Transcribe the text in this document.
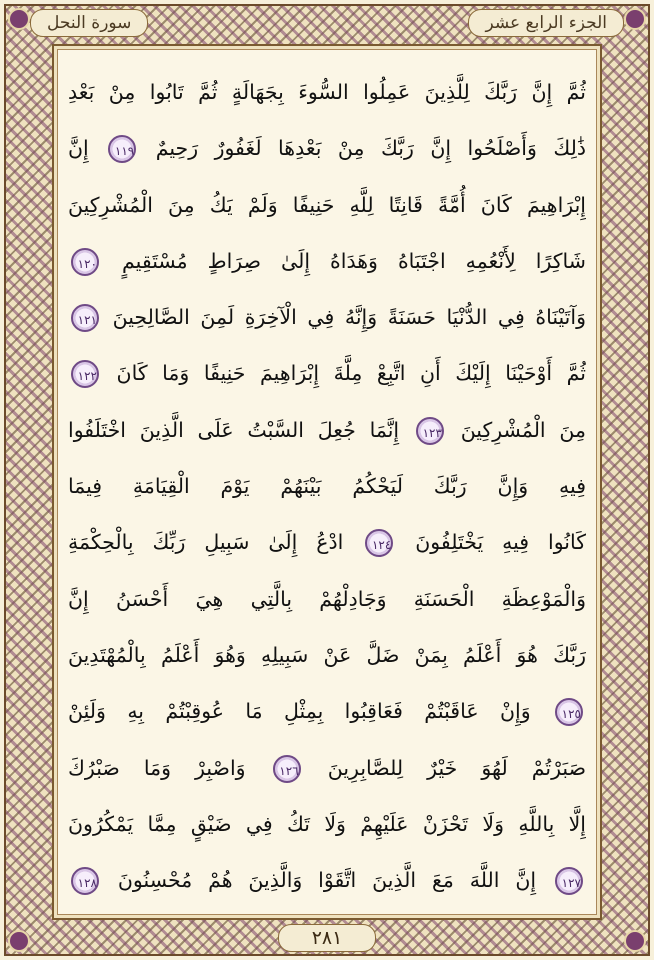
سورة النحل	الجزء الرابع عشر
ثُمَّ إِنَّ رَبَّكَ لِلَّذِينَ عَمِلُوا السُّوءَ بِجَهَالَةٍ ثُمَّ تَابُوا مِنْ بَعْدِ
ذَٰلِكَ وَأَصْلَحُوا إِنَّ رَبَّكَ مِنْ بَعْدِهَا لَغَفُورٌ رَحِيمٌ ١١٩ إِنَّ
إِبْرَاهِيمَ كَانَ أُمَّةً قَانِتًا لِلَّهِ حَنِيفًا وَلَمْ يَكُ مِنَ الْمُشْرِكِينَ
شَاكِرًا لِأَنْعُمِهِ اجْتَبَاهُ وَهَدَاهُ إِلَىٰ صِرَاطٍ مُسْتَقِيمٍ ١٢٠
وَآتَيْنَاهُ فِي الدُّنْيَا حَسَنَةً وَإِنَّهُ فِي الْآخِرَةِ لَمِنَ الصَّالِحِينَ ١٢١
ثُمَّ أَوْحَيْنَا إِلَيْكَ أَنِ اتَّبِعْ مِلَّةَ إِبْرَاهِيمَ حَنِيفًا وَمَا كَانَ ١٢٢
مِنَ الْمُشْرِكِينَ ١٢٣ إِنَّمَا جُعِلَ السَّبْتُ عَلَى الَّذِينَ اخْتَلَفُوا
فِيهِ وَإِنَّ رَبَّكَ لَيَحْكُمُ بَيْنَهُمْ يَوْمَ الْقِيَامَةِ فِيمَا
كَانُوا فِيهِ يَخْتَلِفُونَ ١٢٤ ادْعُ إِلَىٰ سَبِيلِ رَبِّكَ بِالْحِكْمَةِ
وَالْمَوْعِظَةِ الْحَسَنَةِ وَجَادِلْهُمْ بِالَّتِي هِيَ أَحْسَنُ إِنَّ
رَبَّكَ هُوَ أَعْلَمُ بِمَنْ ضَلَّ عَنْ سَبِيلِهِ وَهُوَ أَعْلَمُ بِالْمُهْتَدِينَ
١٢٥ وَإِنْ عَاقَبْتُمْ فَعَاقِبُوا بِمِثْلِ مَا عُوقِبْتُمْ بِهِ وَلَئِنْ
صَبَرْتُمْ لَهُوَ خَيْرٌ لِلصَّابِرِينَ ١٢٦ وَاصْبِرْ وَمَا صَبْرُكَ
إِلَّا بِاللَّهِ وَلَا تَحْزَنْ عَلَيْهِمْ وَلَا تَكُ فِي ضَيْقٍ مِمَّا يَمْكُرُونَ
١٢٧ إِنَّ اللَّهَ مَعَ الَّذِينَ اتَّقَوْا وَالَّذِينَ هُمْ مُحْسِنُونَ ١٢٨
٢٨١
